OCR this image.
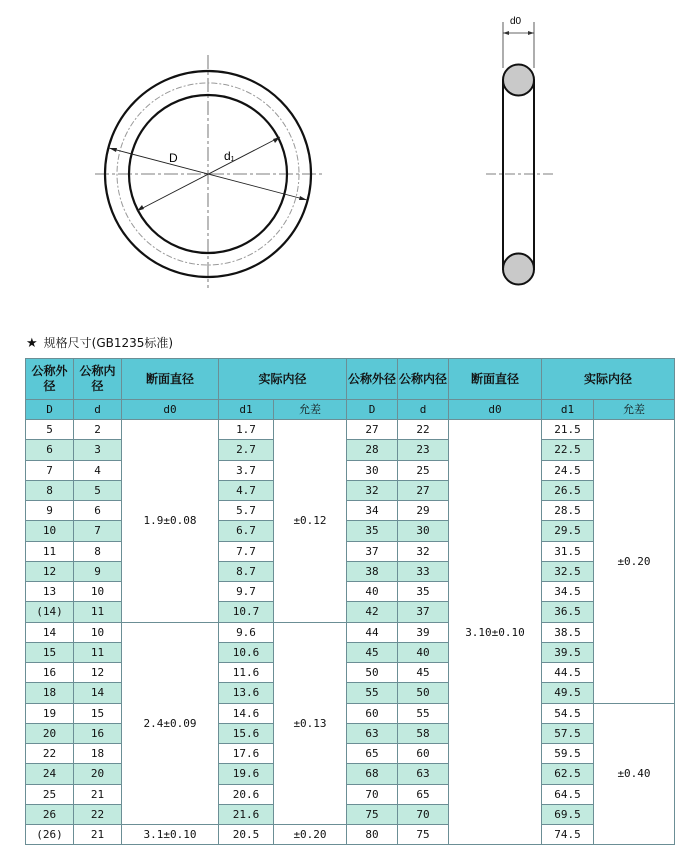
D	d₁
d0
★ 规格尺寸(GB1235标准)
公称外径	公称内径	断面直径	实际内径		公称外径	公称内径	断面直径	实际内径	
D	d	d0	d1	允差	D	d	d0	d1	允差
5	2	1.9±0.08	1.7	±0.12	27	22	3.10±0.10	21.5	±0.20
6	3		2.7		28	23		22.5	
7	4		3.7		30	25		24.5	
8	5		4.7		32	27		26.5	
9	6		5.7		34	29		28.5	
10	7		6.7		35	30		29.5	
11	8		7.7		37	32		31.5	
12	9		8.7		38	33		32.5	
13	10		9.7		40	35		34.5	
(14)	11		10.7		42	37		36.5	
14	10	2.4±0.09	9.6	±0.13	44	39		38.5	
15	11		10.6		45	40		39.5	
16	12		11.6		50	45		44.5	
18	14		13.6		55	50		49.5	
19	15		14.6		60	55		54.5	±0.40
20	16		15.6		63	58		57.5	
22	18		17.6		65	60		59.5	
24	20		19.6		68	63		62.5	
25	21		20.6		70	65		64.5	
26	22		21.6		75	70		69.5	
(26)	21	3.1±0.10	20.5	±0.20	80	75		74.5	
